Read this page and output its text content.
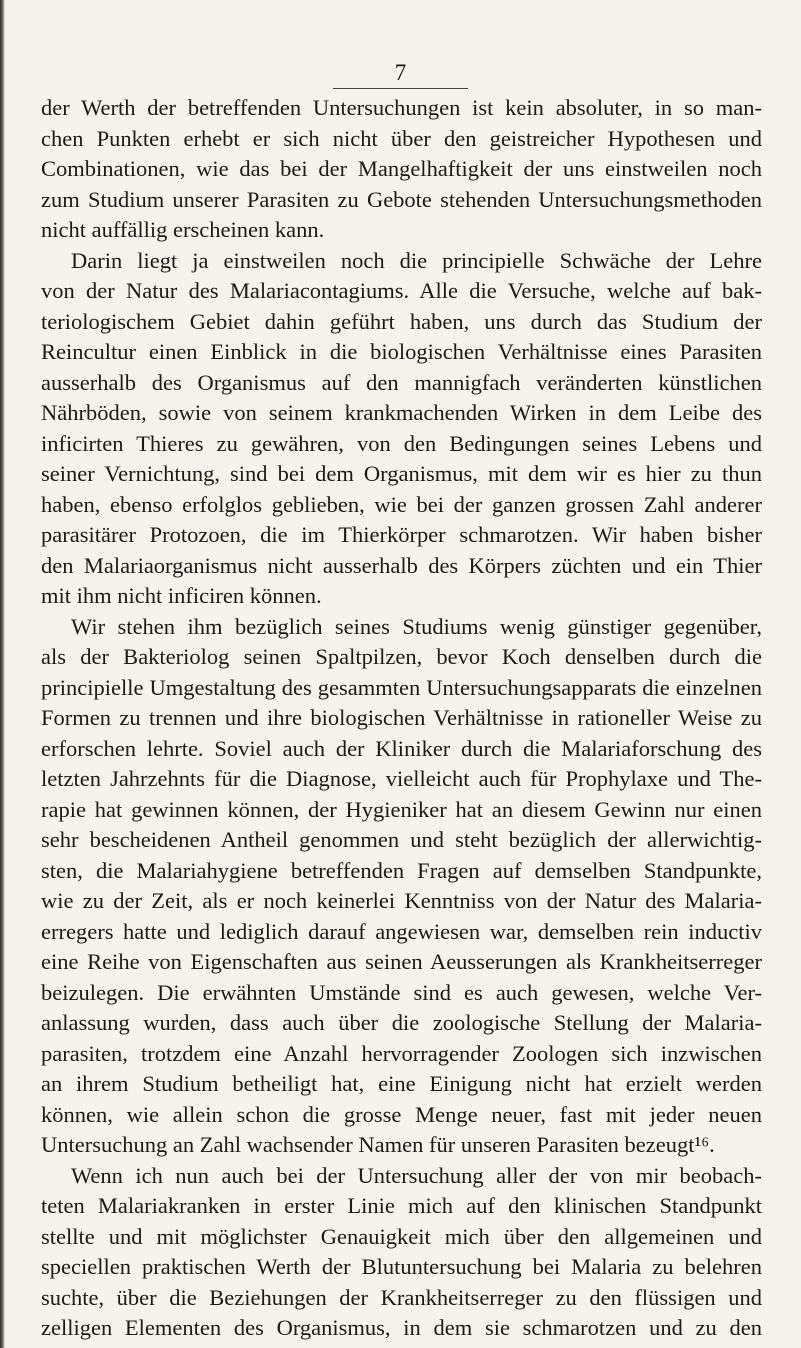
7
der Werth der betreffenden Untersuchungen ist kein absoluter, in so man-
chen Punkten erhebt er sich nicht über den geistreicher Hypothesen und
Combinationen, wie das bei der Mangelhaftigkeit der uns einstweilen noch
zum Studium unserer Parasiten zu Gebote stehenden Untersuchungsmethoden
nicht auffällig erscheinen kann.
Darin liegt ja einstweilen noch die principielle Schwäche der Lehre
von der Natur des Malariacontagiums. Alle die Versuche, welche auf bak-
teriologischem Gebiet dahin geführt haben, uns durch das Studium der
Reincultur einen Einblick in die biologischen Verhältnisse eines Parasiten
ausserhalb des Organismus auf den mannigfach veränderten künstlichen
Nährböden, sowie von seinem krankmachenden Wirken in dem Leibe des
inficirten Thieres zu gewähren, von den Bedingungen seines Lebens und
seiner Vernichtung, sind bei dem Organismus, mit dem wir es hier zu thun
haben, ebenso erfolglos geblieben, wie bei der ganzen grossen Zahl anderer
parasitärer Protozoen, die im Thierkörper schmarotzen. Wir haben bisher
den Malariaorganismus nicht ausserhalb des Körpers züchten und ein Thier
mit ihm nicht inficiren können.
Wir stehen ihm bezüglich seines Studiums wenig günstiger gegenüber,
als der Bakteriolog seinen Spaltpilzen, bevor Koch denselben durch die
principielle Umgestaltung des gesammten Untersuchungsapparats die einzelnen
Formen zu trennen und ihre biologischen Verhältnisse in rationeller Weise zu
erforschen lehrte. Soviel auch der Kliniker durch die Malariaforschung des
letzten Jahrzehnts für die Diagnose, vielleicht auch für Prophylaxe und The-
rapie hat gewinnen können, der Hygieniker hat an diesem Gewinn nur einen
sehr bescheidenen Antheil genommen und steht bezüglich der allerwichtig-
sten, die Malariahygiene betreffenden Fragen auf demselben Standpunkte,
wie zu der Zeit, als er noch keinerlei Kenntniss von der Natur des Malaria-
erregers hatte und lediglich darauf angewiesen war, demselben rein inductiv
eine Reihe von Eigenschaften aus seinen Aeusserungen als Krankheitserreger
beizulegen. Die erwähnten Umstände sind es auch gewesen, welche Ver-
anlassung wurden, dass auch über die zoologische Stellung der Malaria-
parasiten, trotzdem eine Anzahl hervorragender Zoologen sich inzwischen
an ihrem Studium betheiligt hat, eine Einigung nicht hat erzielt werden
können, wie allein schon die grosse Menge neuer, fast mit jeder neuen
Untersuchung an Zahl wachsender Namen für unseren Parasiten bezeugt¹⁶.
Wenn ich nun auch bei der Untersuchung aller der von mir beobach-
teten Malariakranken in erster Linie mich auf den klinischen Standpunkt
stellte und mit möglichster Genauigkeit mich über den allgemeinen und
speciellen praktischen Werth der Blutuntersuchung bei Malaria zu belehren
suchte, über die Beziehungen der Krankheitserreger zu den flüssigen und
zelligen Elementen des Organismus, in dem sie schmarotzen und zu den
